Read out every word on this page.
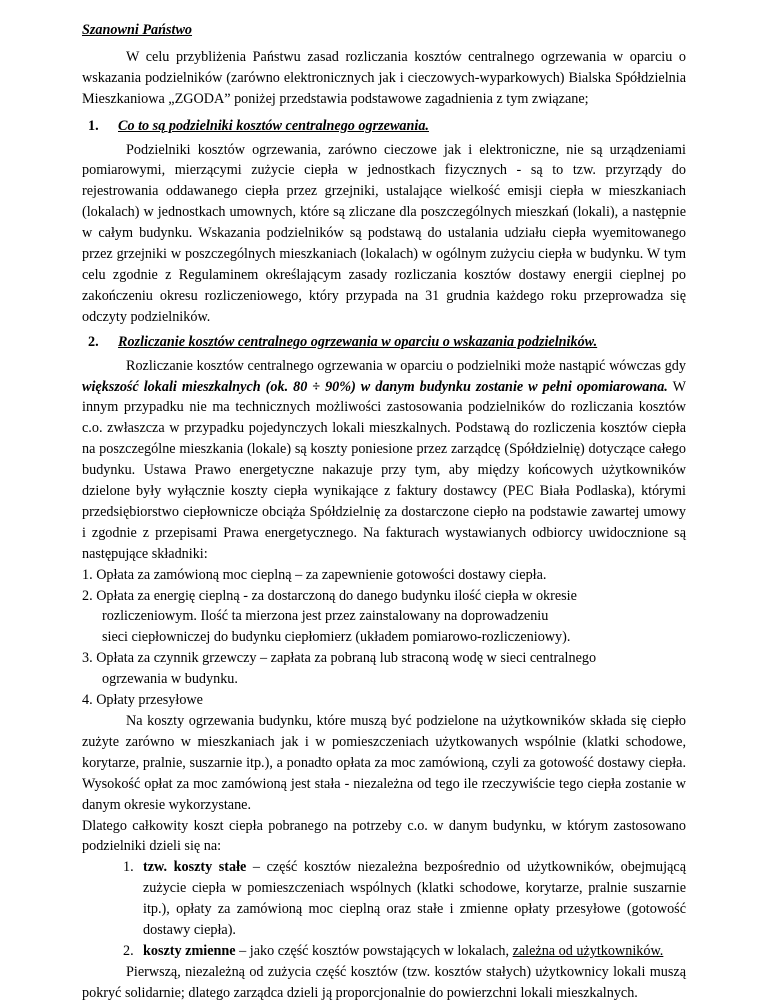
Szanowni Państwo

W celu przybliżenia Państwu zasad rozliczania kosztów centralnego ogrzewania w oparciu o wskazania podzielników (zarówno elektronicznych jak i cieczowych-wyparkowych) Bialska Spółdzielnia Mieszkaniowa „ZGODA” poniżej przedstawia podstawowe zagadnienia z tym związane;

1. Co to są podzielniki kosztów centralnego ogrzewania.

Podzielniki kosztów ogrzewania, zarówno cieczowe jak i elektroniczne, nie są urządzeniami pomiarowymi, mierzącymi zużycie ciepła w jednostkach fizycznych - są to tzw. przyrządy do rejestrowania oddawanego ciepła przez grzejniki, ustalające wielkość emisji ciepła w mieszkaniach (lokalach) w jednostkach umownych, które są zliczane dla poszczególnych mieszkań (lokali), a następnie w całym budynku. Wskazania podzielników są podstawą do ustalania udziału ciepła wyemitowanego przez grzejniki w poszczególnych mieszkaniach (lokalach) w ogólnym zużyciu ciepła w budynku. W tym celu zgodnie z Regulaminem określającym zasady rozliczania kosztów dostawy energii cieplnej po zakończeniu okresu rozliczeniowego, który przypada na 31 grudnia każdego roku przeprowadza się odczyty podzielników.

2. Rozliczanie kosztów centralnego ogrzewania w oparciu o wskazania podzielników.

Rozliczanie kosztów centralnego ogrzewania w oparciu o podzielniki może nastąpić wówczas gdy większość lokali mieszkalnych (ok. 80 ÷ 90%) w danym budynku zostanie w pełni opomiarowana. W innym przypadku nie ma technicznych możliwości zastosowania podzielników do rozliczania kosztów c.o. zwłaszcza w przypadku pojedynczych lokali mieszkalnych. Podstawą do rozliczenia kosztów ciepła na poszczególne mieszkania (lokale) są koszty poniesione przez zarządcę (Spółdzielnię) dotyczące całego budynku. Ustawa Prawo energetyczne nakazuje przy tym, aby między końcowych użytkowników dzielone były wyłącznie koszty ciepła wynikające z faktury dostawcy (PEC Biała Podlaska), którymi przedsiębiorstwo ciepłownicze obciąża Spółdzielnię za dostarczone ciepło na podstawie zawartej umowy i zgodnie z przepisami Prawa energetycznego. Na fakturach wystawianych odbiorcy uwidocznione są następujące składniki:

1. Opłata za zamówioną moc cieplną – za zapewnienie gotowości dostawy ciepła.

2. Opłata za energię cieplną - za dostarczoną do danego budynku ilość ciepła w okresie

rozliczeniowym. Ilość ta mierzona jest przez zainstalowany na doprowadzeniu

sieci ciepłowniczej do budynku ciepłomierz (układem pomiarowo-rozliczeniowy).

3. Opłata za czynnik grzewczy – zapłata za pobraną lub straconą wodę w sieci centralnego

ogrzewania w budynku.

4. Opłaty przesyłowe

Na koszty ogrzewania budynku, które muszą być podzielone na użytkowników składa się ciepło zużyte zarówno w mieszkaniach jak i w pomieszczeniach użytkowanych wspólnie (klatki schodowe, korytarze, pralnie, suszarnie itp.), a ponadto opłata za moc zamówioną, czyli za gotowość dostawy ciepła. Wysokość opłat za moc zamówioną jest stała - niezależna od tego ile rzeczywiście tego ciepła zostanie w danym okresie wykorzystane.

Dlatego całkowity koszt ciepła pobranego na potrzeby c.o. w danym budynku, w którym zastosowano podzielniki dzieli się na:

1. tzw. koszty stałe – część kosztów niezależna bezpośrednio od użytkowników, obejmującą zużycie ciepła w pomieszczeniach wspólnych (klatki schodowe, korytarze, pralnie suszarnie itp.), opłaty za zamówioną moc cieplną oraz stałe i zmienne opłaty przesyłowe (gotowość dostawy ciepła).
2. koszty zmienne – jako część kosztów powstających w lokalach, zależna od użytkowników.

Pierwszą, niezależną od zużycia część kosztów (tzw. kosztów stałych) użytkownicy lokali muszą pokryć solidarnie; dlatego zarządca dzieli ją proporcjonalnie do powierzchni lokali mieszkalnych.
